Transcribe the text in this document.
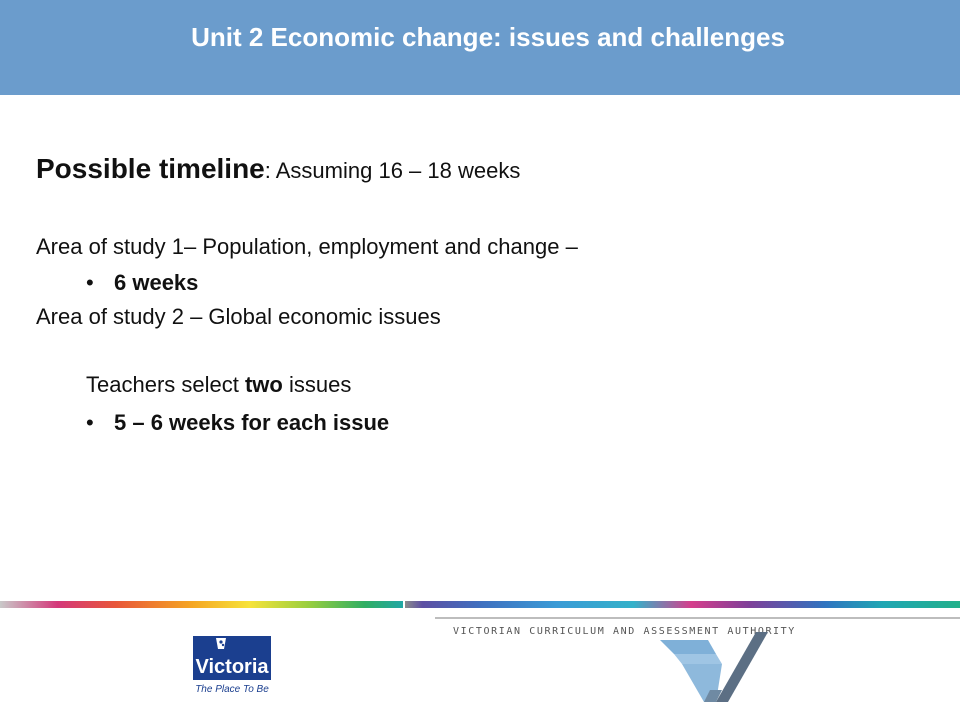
Unit 2 Economic change: issues and challenges
Possible timeline: Assuming 16 – 18 weeks
Area of study 1– Population, employment and change –
• 6 weeks
Area of study 2 – Global economic issues
Teachers select two issues
• 5 – 6 weeks for each issue
VICTORIAN CURRICULUM AND ASSESSMENT AUTHORITY
Victoria
The Place To Be
